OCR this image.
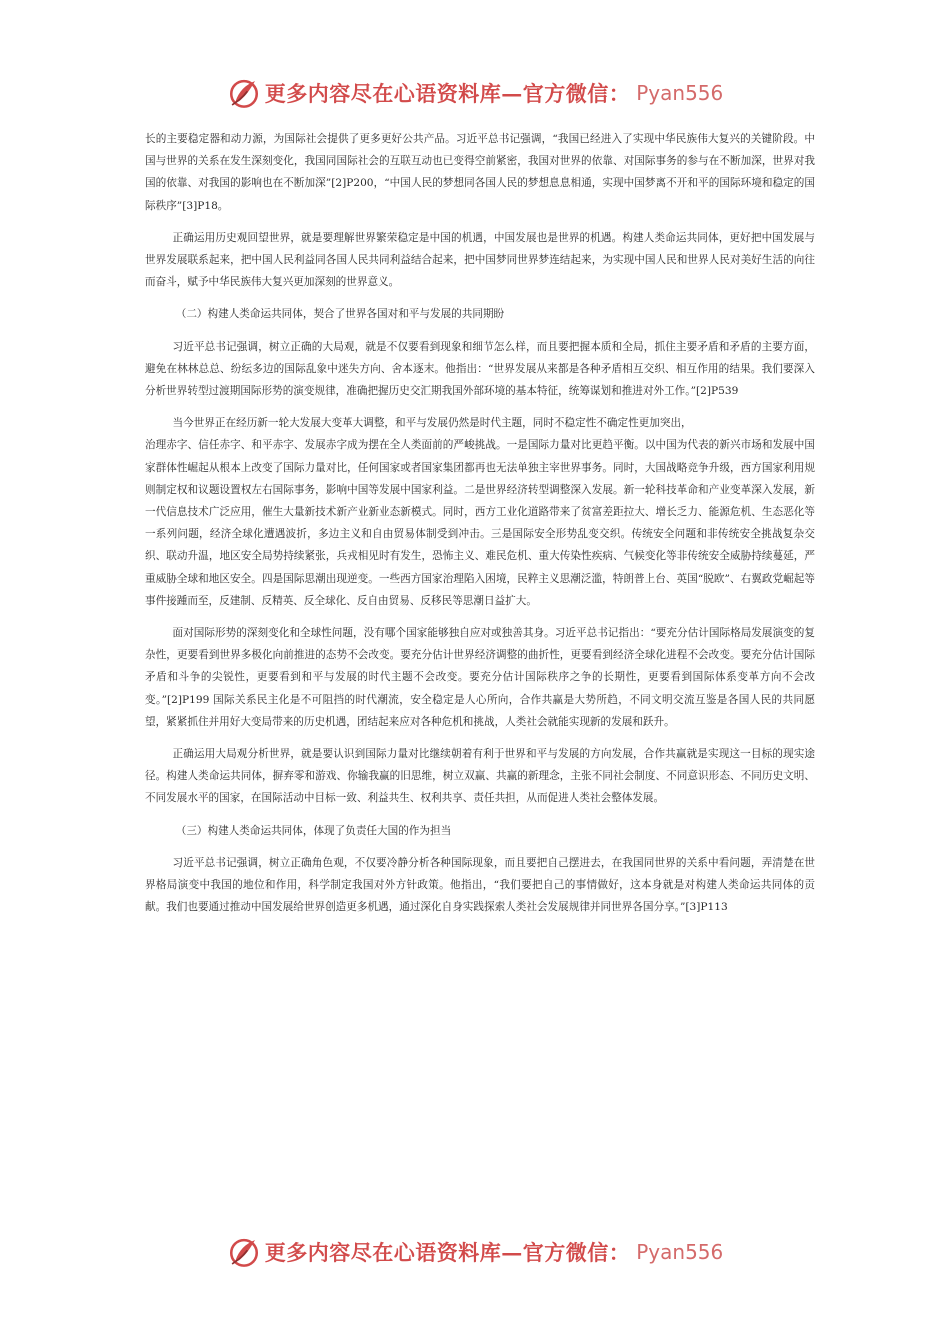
更多内容尽在心语资料库—官方微信： Pyan556

长的主要稳定器和动力源，为国际社会提供了更多更好公共产品。习近平总书记强调，“我国已经进入了实现中华民族伟大复兴的关键阶段。中国与世界的关系在发生深刻变化，我国同国际社会的互联互动也已变得空前紧密，我国对世界的依靠、对国际事务的参与在不断加深，世界对我国的依靠、对我国的影响也在不断加深”[2]P200，“中国人民的梦想同各国人民的梦想息息相通，实现中国梦离不开和平的国际环境和稳定的国际秩序”[3]P18。

正确运用历史观回望世界，就是要理解世界繁荣稳定是中国的机遇，中国发展也是世界的机遇。构建人类命运共同体，更好把中国发展与世界发展联系起来，把中国人民利益同各国人民共同利益结合起来，把中国梦同世界梦连结起来，为实现中国人民和世界人民对美好生活的向往而奋斗，赋予中华民族伟大复兴更加深刻的世界意义。

（二）构建人类命运共同体，契合了世界各国对和平与发展的共同期盼

习近平总书记强调，树立正确的大局观，就是不仅要看到现象和细节怎么样，而且要把握本质和全局，抓住主要矛盾和矛盾的主要方面，避免在林林总总、纷纭多边的国际乱象中迷失方向、舍本逐末。他指出：“世界发展从来都是各种矛盾相互交织、相互作用的结果。我们要深入分析世界转型过渡期国际形势的演变规律，准确把握历史交汇期我国外部环境的基本特征，统筹谋划和推进对外工作。”[2]P539

当今世界正在经历新一轮大发展大变革大调整，和平与发展仍然是时代主题，同时不稳定性不确定性更加突出，

治理赤字、信任赤字、和平赤字、发展赤字成为摆在全人类面前的严峻挑战。一是国际力量对比更趋平衡。以中国为代表的新兴市场和发展中国家群体性崛起从根本上改变了国际力量对比，任何国家或者国家集团都再也无法单独主宰世界事务。同时，大国战略竞争升级，西方国家利用规则制定权和议题设置权左右国际事务，影响中国等发展中国家利益。二是世界经济转型调整深入发展。新一轮科技革命和产业变革深入发展，新一代信息技术广泛应用，催生大量新技术新产业新业态新模式。同时，西方工业化道路带来了贫富差距拉大、增长乏力、能源危机、生态恶化等一系列问题，经济全球化遭遇波折，多边主义和自由贸易体制受到冲击。三是国际安全形势乱变交织。传统安全问题和非传统安全挑战复杂交织、联动升温，地区安全局势持续紧张，兵戎相见时有发生，恐怖主义、难民危机、重大传染性疾病、气候变化等非传统安全威胁持续蔓延，严重威胁全球和地区安全。四是国际思潮出现逆变。一些西方国家治理陷入困境，民粹主义思潮泛滥，特朗普上台、英国“脱欧”、右翼政党崛起等事件接踵而至，反建制、反精英、反全球化、反自由贸易、反移民等思潮日益扩大。

面对国际形势的深刻变化和全球性问题，没有哪个国家能够独自应对或独善其身。习近平总书记指出：“要充分估计国际格局发展演变的复杂性，更要看到世界多极化向前推进的态势不会改变。要充分估计世界经济调整的曲折性，更要看到经济全球化进程不会改变。要充分估计国际矛盾和斗争的尖锐性，更要看到和平与发展的时代主题不会改变。要充分估计国际秩序之争的长期性，更要看到国际体系变革方向不会改变。”[2]P199 国际关系民主化是不可阻挡的时代潮流，安全稳定是人心所向，合作共赢是大势所趋，不同文明交流互鉴是各国人民的共同愿望，紧紧抓住并用好大变局带来的历史机遇，团结起来应对各种危机和挑战，人类社会就能实现新的发展和跃升。

正确运用大局观分析世界，就是要认识到国际力量对比继续朝着有利于世界和平与发展的方向发展，合作共赢就是实现这一目标的现实途径。构建人类命运共同体，摒弃零和游戏、你输我赢的旧思维，树立双赢、共赢的新理念，主张不同社会制度、不同意识形态、不同历史文明、不同发展水平的国家，在国际活动中目标一致、利益共生、权利共享、责任共担，从而促进人类社会整体发展。

（三）构建人类命运共同体，体现了负责任大国的作为担当

习近平总书记强调，树立正确角色观，不仅要冷静分析各种国际现象，而且要把自己摆进去，在我国同世界的关系中看问题，弄清楚在世界格局演变中我国的地位和作用，科学制定我国对外方针政策。他指出，“我们要把自己的事情做好，这本身就是对构建人类命运共同体的贡献。我们也要通过推动中国发展给世界创造更多机遇，通过深化自身实践探索人类社会发展规律并同世界各国分享。”[3]P113

更多内容尽在心语资料库—官方微信： Pyan556
